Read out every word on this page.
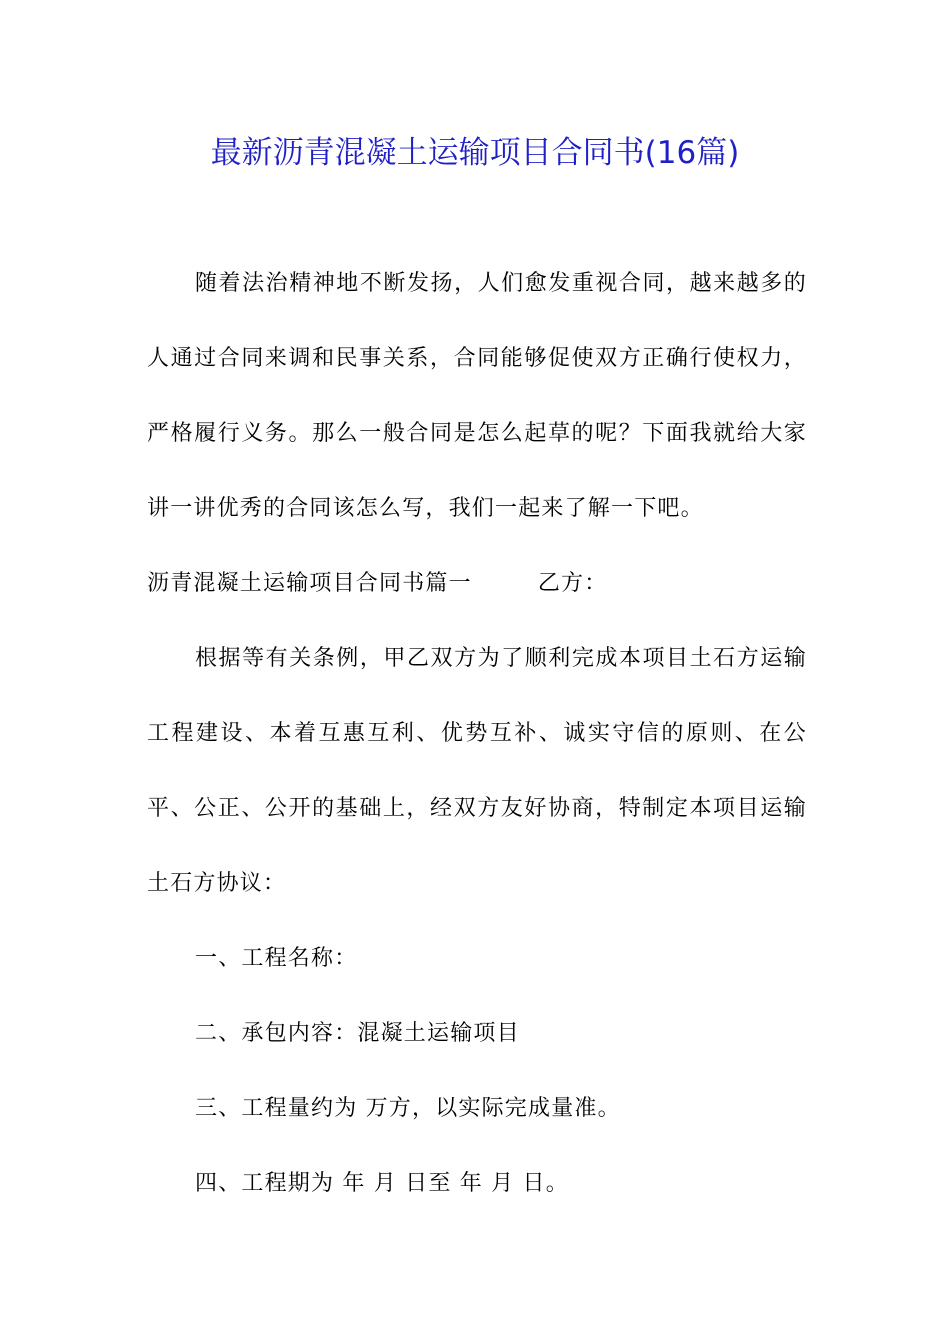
最新沥青混凝土运输项目合同书(16篇)

随着法治精神地不断发扬，人们愈发重视合同，越来越多的人通过合同来调和民事关系，合同能够促使双方正确行使权力，严格履行义务。那么一般合同是怎么起草的呢？下面我就给大家讲一讲优秀的合同该怎么写，我们一起来了解一下吧。

沥青混凝土运输项目合同书篇一	乙方：

根据等有关条例，甲乙双方为了顺利完成本项目土石方运输工程建设、本着互惠互利、优势互补、诚实守信的原则、在公平、公正、公开的基础上，经双方友好协商，特制定本项目运输土石方协议：

一、工程名称：

二、承包内容：混凝土运输项目

三、工程量约为 万方，以实际完成量准。

四、工程期为 年 月 日至 年 月 日。
